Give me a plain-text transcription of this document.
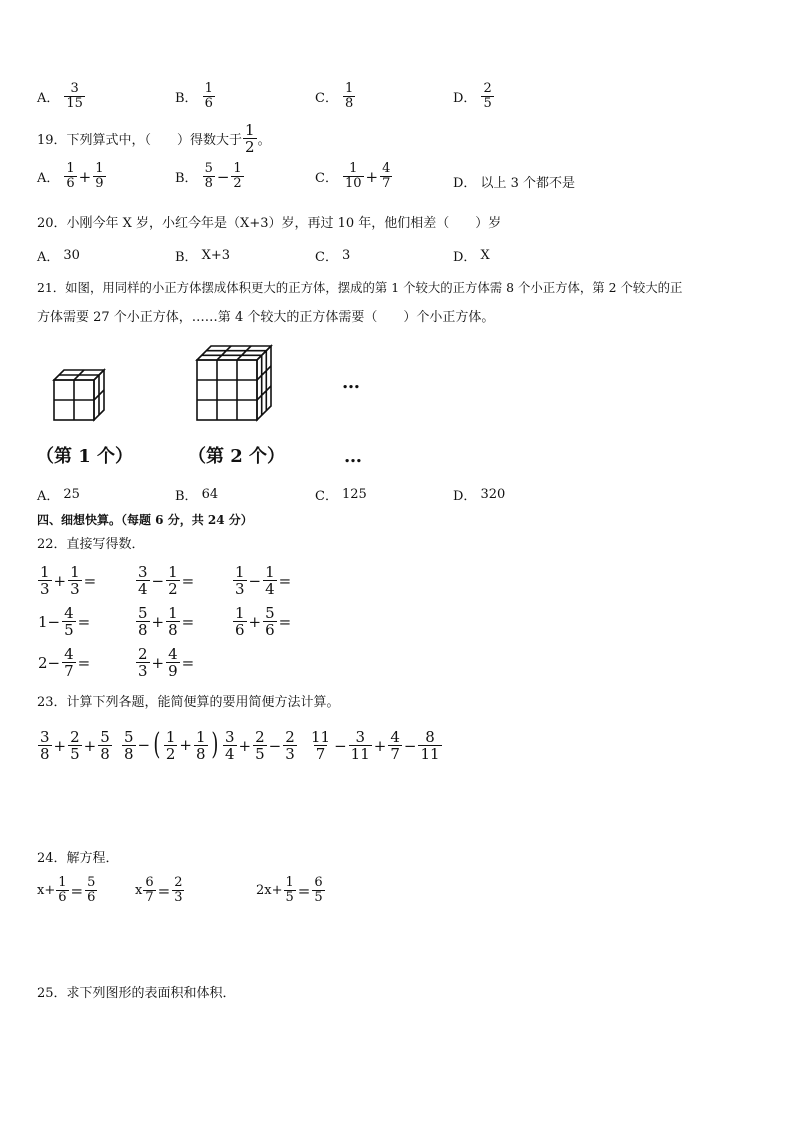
A． $\frac{3}{15}$	B． $\frac{1}{6}$	C． $\frac{1}{8}$	D． $\frac{2}{5}$
19．下列算式中，（　　）得数大于 $\frac{1}{2}$ 。
A． $\frac{1}{6} + \frac{1}{9}$	B． $\frac{5}{8} - \frac{1}{2}$	C． $\frac{1}{10} + \frac{4}{7}$	D． 以上 3 个都不是
20．小刚今年 X 岁，小红今年是（X+3）岁，再过 10 年，他们相差（　　）岁
A． 30	B． X+3	C． 3	D． X
21．如图，用同样的小正方体摆成体积更大的正方体，摆成的第 1 个较大的正方体需 8 个小正方体，第 2 个较大的正
方体需要 27 个小正方体，……第 4 个较大的正方体需要（　　）个小正方体。
…
（第 1 个）	（第 2 个）	…
A． 25	B． 64	C． 125	D． 320
四、细想快算。（每题 6 分，共 24 分）
22．直接写得数．
$\frac{1}{3} + \frac{1}{3}$ =	$\frac{3}{4} - \frac{1}{2}$ =	$\frac{1}{3} - \frac{1}{4}$ =
$1- \frac{4}{5}$ =	$\frac{5}{8} + \frac{1}{8}$ =	$\frac{1}{6} + \frac{5}{6}$ =
$2- \frac{4}{7}$ =	$\frac{2}{3} + \frac{4}{9}$ =
23．计算下列各题，能简便算的要用简便方法计算。
$\frac{3}{8} + \frac{2}{5} + \frac{5}{8} \frac{5}{8}$ − ( $\frac{1}{2} + \frac{1}{8}$ ) $\frac{3}{4} + \frac{2}{5} - \frac{2}{3} \frac{11}{7} - \frac{3}{11} + \frac{4}{7} - \frac{8}{11}$
24．解方程．
$x+ \frac{1}{6} = \frac{5}{6}$	x $\frac{6}{7} = \frac{2}{3}$	$2x+ \frac{1}{5} = \frac{6}{5}$
25．求下列图形的表面积和体积．
